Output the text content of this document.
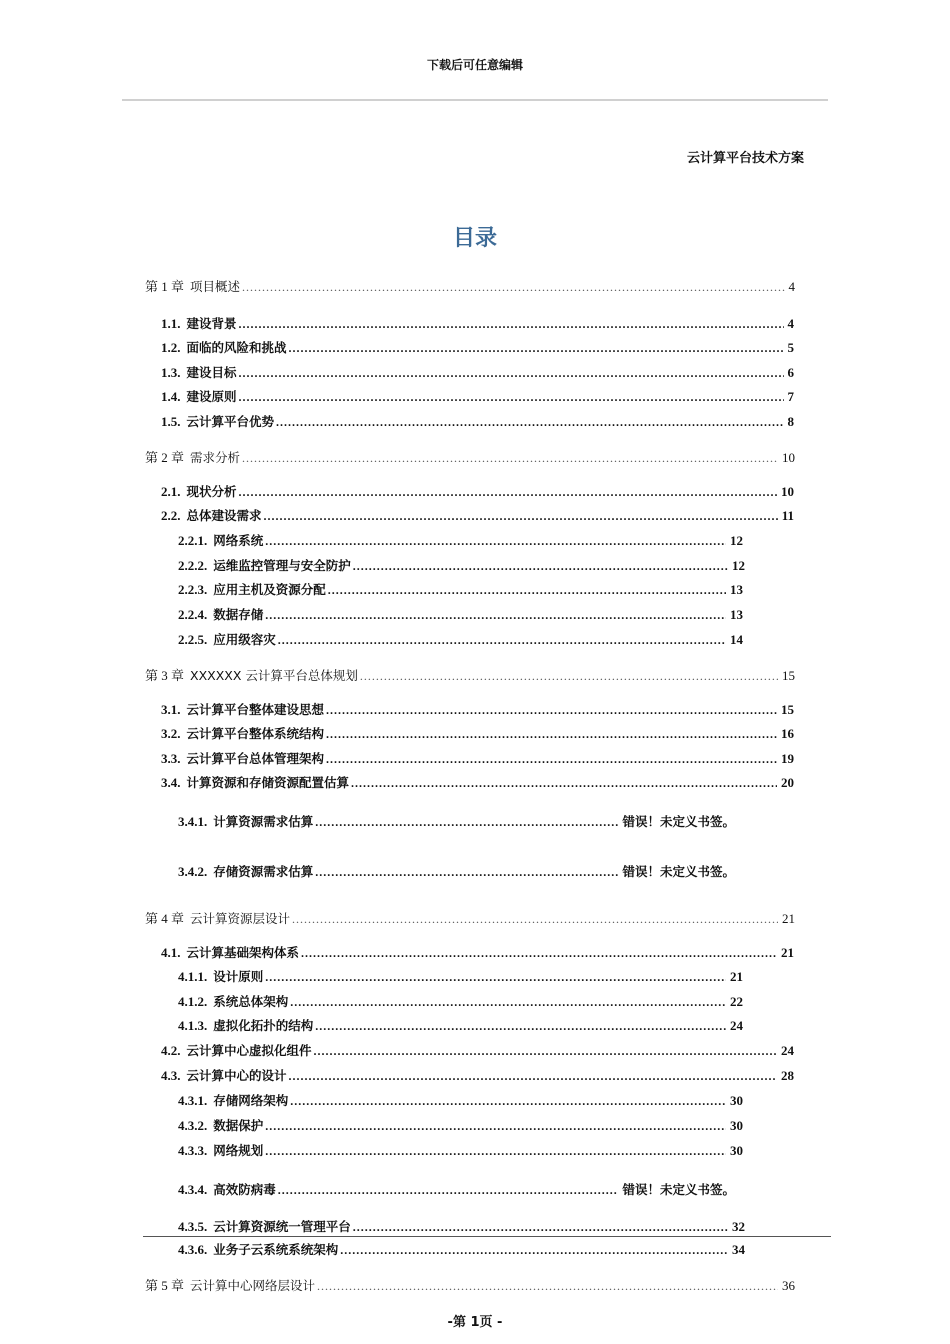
下载后可任意编辑
云计算平台技术方案
目录
第 1 章 项目概述 .....	4
1.1. 建设背景 .....	4
1.2. 面临的风险和挑战 .....	5
1.3. 建设目标 .....	6
1.4. 建设原则 .....	7
1.5. 云计算平台优势 .....	8
第 2 章 需求分析 .....	10
2.1. 现状分析 .....	10
2.2. 总体建设需求 .....	11
2.2.1. 网络系统 .....	12
2.2.2. 运维监控管理与安全防护 .....	12
2.2.3. 应用主机及资源分配 .....	13
2.2.4. 数据存储 .....	13
2.2.5. 应用级容灾 .....	14
第 3 章 XXXXXX 云计算平台总体规划 .....	15
3.1. 云计算平台整体建设思想 .....	15
3.2. 云计算平台整体系统结构 .....	16
3.3. 云计算平台总体管理架构 .....	19
3.4. 计算资源和存储资源配置估算 .....	20
3.4.1. 计算资源需求估算 .....	错误！未定义书签。
3.4.2. 存储资源需求估算 .....	错误！未定义书签。
第 4 章 云计算资源层设计 .....	21
4.1. 云计算基础架构体系 .....	21
4.1.1. 设计原则 .....	21
4.1.2. 系统总体架构 .....	22
4.1.3. 虚拟化拓扑的结构 .....	24
4.2. 云计算中心虚拟化组件 .....	24
4.3. 云计算中心的设计 .....	28
4.3.1. 存储网络架构 .....	30
4.3.2. 数据保护 .....	30
4.3.3. 网络规划 .....	30
4.3.4. 高效防病毒 .....	错误！未定义书签。
4.3.5. 云计算资源统一管理平台 .....	32
4.3.6. 业务子云系统系统架构 .....	34
第 5 章 云计算中心网络层设计 .....	36
-第 1页 -
